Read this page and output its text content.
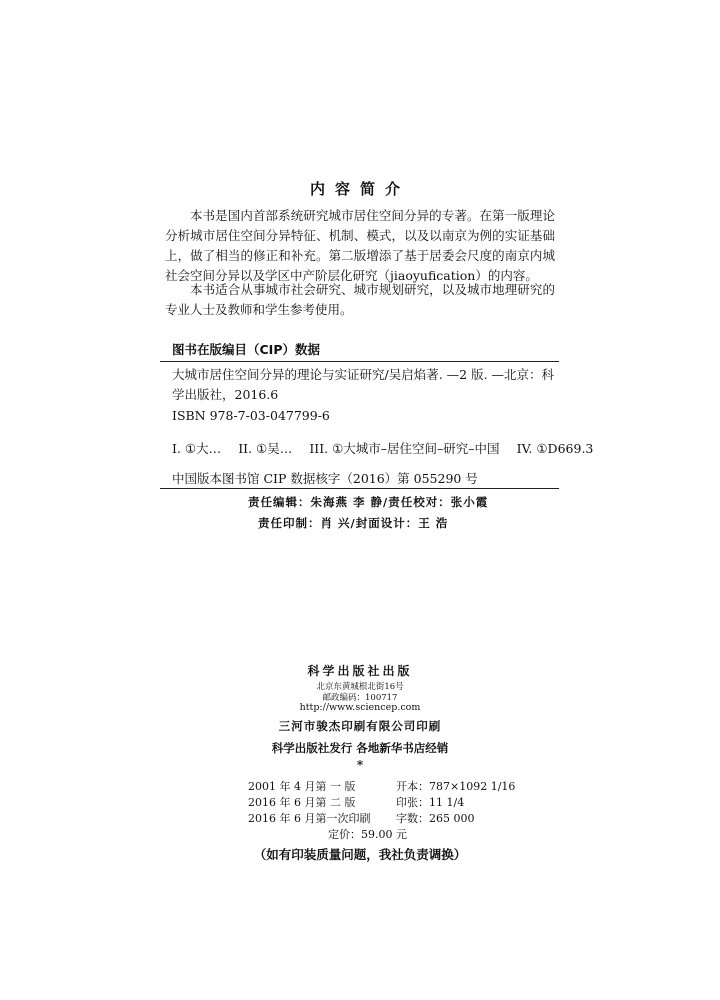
内容简介
本书是国内首部系统研究城市居住空间分异的专著。在第一版理论分析城市居住空间分异特征、机制、模式，以及以南京为例的实证基础上，做了相当的修正和补充。第二版增添了基于居委会尺度的南京内城社会空间分异以及学区中产阶层化研究（jiaoyufication）的内容。
本书适合从事城市社会研究、城市规划研究，以及城市地理研究的专业人士及教师和学生参考使用。
图书在版编目（CIP）数据
大城市居住空间分异的理论与实证研究/吴启焰著. —2 版. —北京：科学出版社，2016.6
ISBN 978-7-03-047799-6
I. ①大… II. ①吴… III. ①大城市–居住空间–研究–中国 IV. ①D669.3
中国版本图书馆 CIP 数据核字（2016）第 055290 号
责任编辑：朱海燕 李 静/责任校对：张小霞
责任印制：肖 兴/封面设计：王 浩
科学出版社出版
北京东黄城根北街16号
邮政编码：100717
http://www.sciencep.com
三河市骏杰印刷有限公司印刷
科学出版社发行 各地新华书店经销
*
2001 年 4 月第 一 版	开本：787×1092 1/16
2016 年 6 月第 二 版	印张：11 1/4
2016 年 6 月第一次印刷 字数：265 000
定价：59.00 元
（如有印装质量问题，我社负责调换）
